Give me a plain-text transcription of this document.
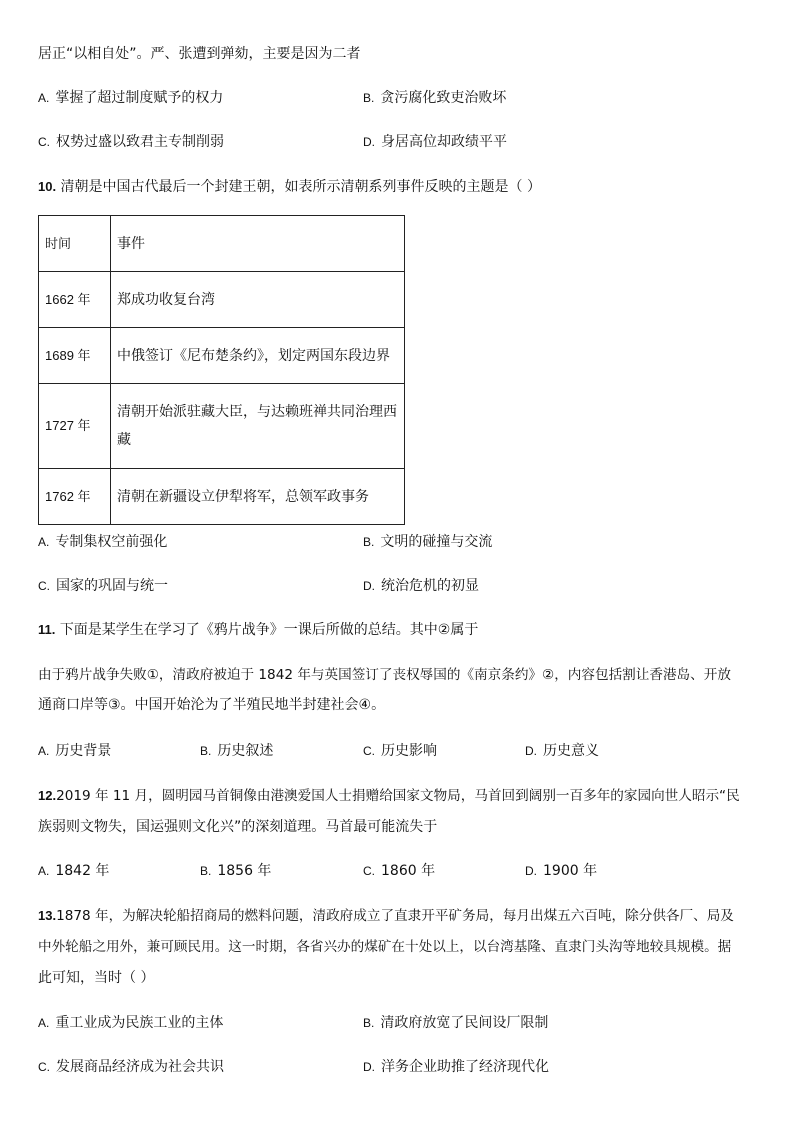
居正“以相自处”。严、张遭到弹劾，主要是因为二者
A. 掌握了超过制度赋予的权力	B. 贪污腐化致吏治败坏
C. 权势过盛以致君主专制削弱	D. 身居高位却政绩平平
10. 清朝是中国古代最后一个封建王朝，如表所示清朝系列事件反映的主题是（ ）
时间	事件
1662 年	郑成功收复台湾
1689 年	中俄签订《尼布楚条约》，划定两国东段边界
1727 年	清朝开始派驻藏大臣，与达赖班禅共同治理西藏
1762 年	清朝在新疆设立伊犁将军，总领军政事务
A. 专制集权空前强化	B. 文明的碰撞与交流
C. 国家的巩固与统一	D. 统治危机的初显
11. 下面是某学生在学习了《鸦片战争》一课后所做的总结。其中②属于
由于鸦片战争失败①，清政府被迫于 1842 年与英国签订了丧权辱国的《南京条约》②，内容包括割让香港岛、开放
通商口岸等③。中国开始沦为了半殖民地半封建社会④。
A. 历史背景	B. 历史叙述	C. 历史影响	D. 历史意义
12.2019 年 11 月，圆明园马首铜像由港澳爱国人士捐赠给国家文物局，马首回到阔别一百多年的家园向世人昭示“民
族弱则文物失，国运强则文化兴”的深刻道理。马首最可能流失于
A. 1842 年	B. 1856 年	C. 1860 年	D. 1900 年
13.1878 年，为解决轮船招商局的燃料问题，清政府成立了直隶开平矿务局，每月出煤五六百吨，除分供各厂、局及
中外轮船之用外，兼可顾民用。这一时期，各省兴办的煤矿在十处以上，以台湾基隆、直隶门头沟等地较具规模。据
此可知，当时（ ）
A. 重工业成为民族工业的主体	B. 清政府放宽了民间设厂限制
C. 发展商品经济成为社会共识	D. 洋务企业助推了经济现代化
